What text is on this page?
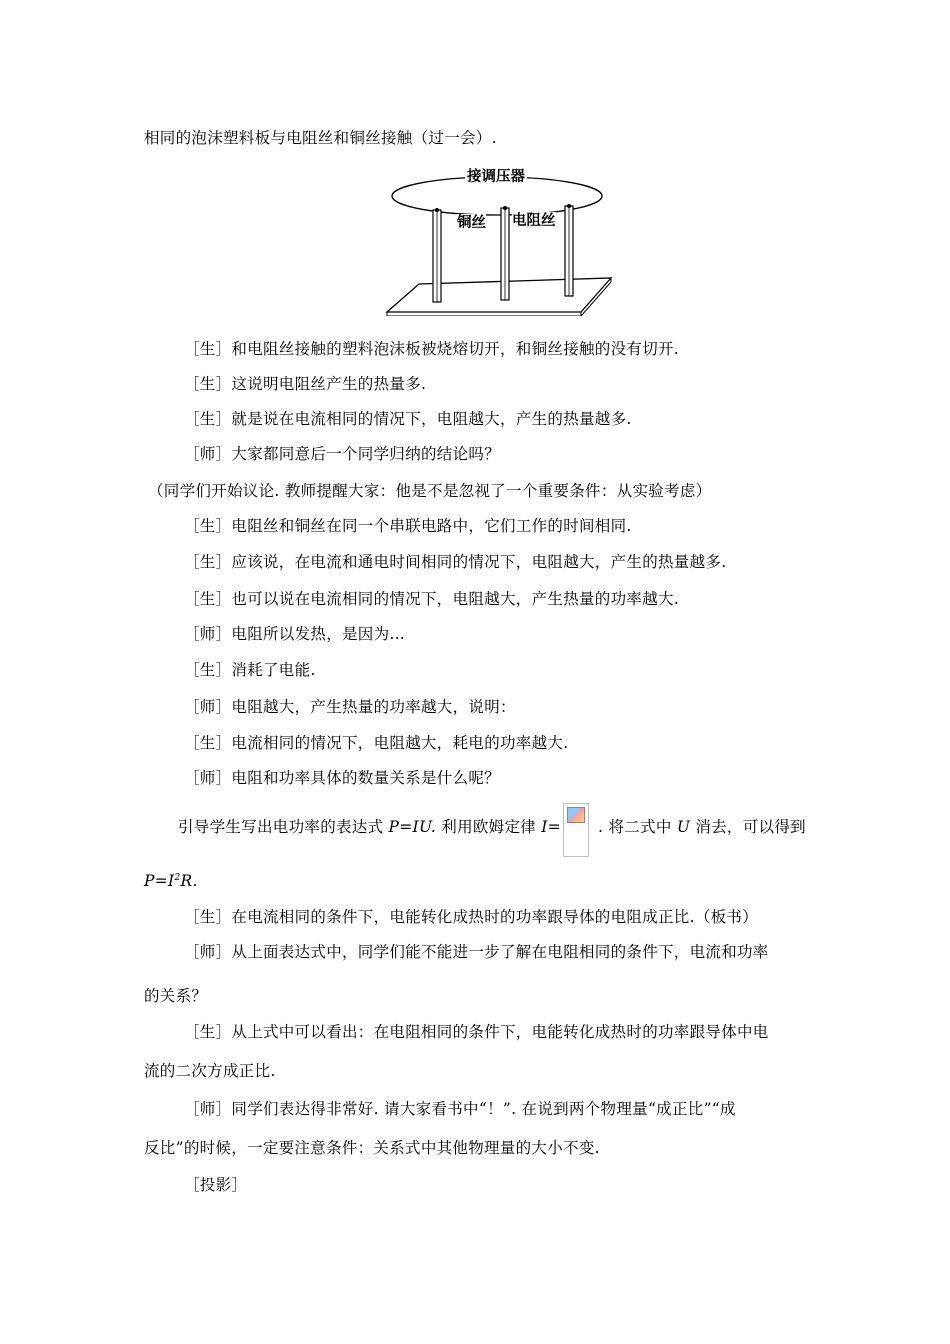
相同的泡沫塑料板与电阻丝和铜丝接触（过一会）.
接调压器
铜丝 电阻丝
［生］和电阻丝接触的塑料泡沫板被烧熔切开，和铜丝接触的没有切开.
［生］这说明电阻丝产生的热量多.
［生］就是说在电流相同的情况下，电阻越大，产生的热量越多.
［师］大家都同意后一个同学归纳的结论吗？
（同学们开始议论. 教师提醒大家：他是不是忽视了一个重要条件：从实验考虑）
［生］电阻丝和铜丝在同一个串联电路中，它们工作的时间相同.
［生］应该说，在电流和通电时间相同的情况下，电阻越大，产生的热量越多.
［生］也可以说在电流相同的情况下，电阻越大，产生热量的功率越大.
［师］电阻所以发热，是因为…
［生］消耗了电能.
［师］电阻越大，产生热量的功率越大，说明：
［生］电流相同的情况下，电阻越大，耗电的功率越大.
［师］电阻和功率具体的数量关系是什么呢？
引导学生写出电功率的表达式 P=IU. 利用欧姆定律 I=	. 将二式中 U 消去，可以得到
$P=I^2R$.
［生］在电流相同的条件下，电能转化成热时的功率跟导体的电阻成正比.（板书）
［师］从上面表达式中，同学们能不能进一步了解在电阻相同的条件下，电流和功率
的关系？
［生］从上式中可以看出：在电阻相同的条件下，电能转化成热时的功率跟导体中电
流的二次方成正比.
［师］同学们表达得非常好. 请大家看书中“！”. 在说到两个物理量“成正比”“成
反比”的时候，一定要注意条件：关系式中其他物理量的大小不变.
［投影］
